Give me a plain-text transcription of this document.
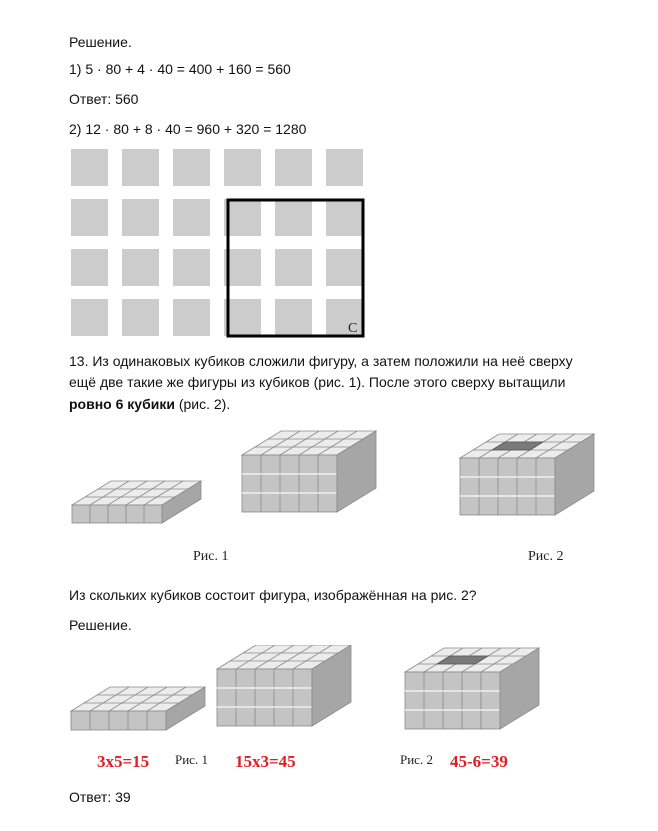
Решение.
1) 5 · 80 + 4 · 40 = 400 + 160 = 560
Ответ: 560
2) 12 · 80 + 8 · 40 = 960 + 320 = 1280
C
13. Из одинаковых кубиков сложили фигуру, а затем положили на неё сверху
ещё две такие же фигуры из кубиков (рис. 1). После этого сверху вытащили
ровно 6 кубики (рис. 2).
Рис. 1	Рис. 2
Из скольких кубиков состоит фигура, изображённая на рис. 2?
Решение.
3x5=15 Рис. 1 15x3=45	Рис. 2 45-6=39
Ответ: 39
